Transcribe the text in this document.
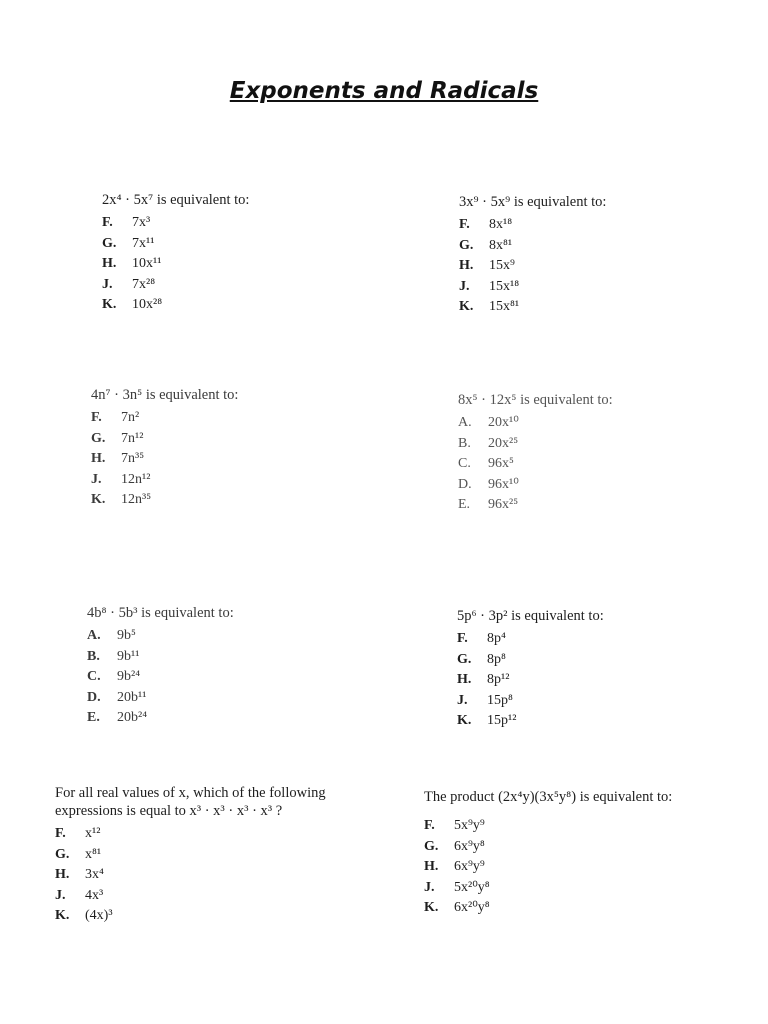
Exponents and Radicals
2x⁴ · 5x⁷ is equivalent to:
F.	7x³
G.	7x¹¹
H.	10x¹¹
J.	7x²⁸
K.	10x²⁸
3x⁹ · 5x⁹ is equivalent to:
F.	8x¹⁸
G.	8x⁸¹
H.	15x⁹
J.	15x¹⁸
K.	15x⁸¹
4n⁷ · 3n⁵ is equivalent to:
F.	7n²
G.	7n¹²
H.	7n³⁵
J.	12n¹²
K.	12n³⁵
8x⁵ · 12x⁵ is equivalent to:
A.	20x¹⁰
B.	20x²⁵
C.	96x⁵
D.	96x¹⁰
E.	96x²⁵
4b⁸ · 5b³ is equivalent to:
A.	9b⁵
B.	9b¹¹
C.	9b²⁴
D.	20b¹¹
E.	20b²⁴
5p⁶ · 3p² is equivalent to:
F.	8p⁴
G.	8p⁸
H.	8p¹²
J.	15p⁸
K.	15p¹²
For all real values of x, which of the following expressions is equal to x³ · x³ · x³ · x³ ?
F.	x¹²
G.	x⁸¹
H.	3x⁴
J.	4x³
K.	(4x)³
The product (2x⁴y)(3x⁵y⁸) is equivalent to:
F.	5x⁹y⁹
G.	6x⁹y⁸
H.	6x⁹y⁹
J.	5x²⁰y⁸
K.	6x²⁰y⁸
